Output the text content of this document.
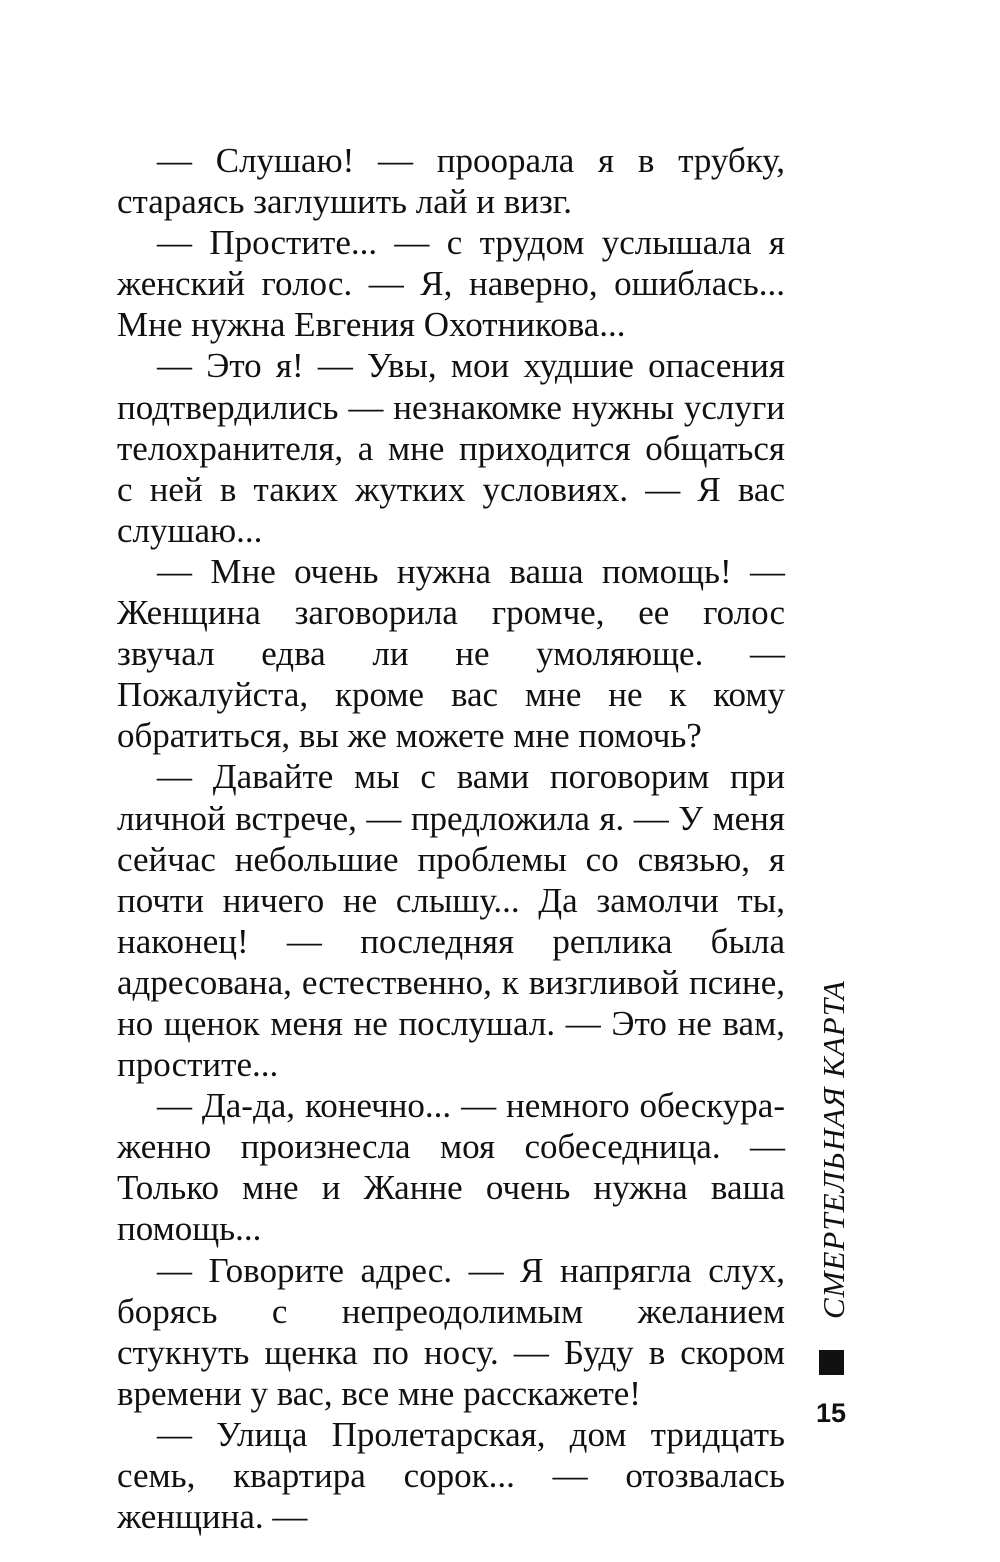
— Слушаю! — проорала я в трубку, стараясь заглушить лай и визг.

— Простите... — с трудом услышала я женский голос. — Я, наверно, ошиблась... Мне нужна Евгения Охотникова...

— Это я! — Увы, мои худшие опасения подтвердились — незнакомке нужны услуги телохранителя, а мне приходится общаться с ней в таких жутких условиях. — Я вас слушаю...

— Мне очень нужна ваша помощь! — Женщина заговорила громче, ее голос звучал едва ли не умоляюще. — Пожалуйста, кроме вас мне не к кому обратиться, вы же можете мне помочь?

— Давайте мы с вами поговорим при личной встрече, — предложила я. — У меня сейчас небольшие проблемы со связью, я почти ничего не слышу... Да замолчи ты, наконец! — последняя реплика была адресована, естественно, к визгливой псине, но щенок меня не послушал. — Это не вам, простите...

— Да-да, конечно... — немного обескураженно произнесла моя собеседница. — Только мне и Жанне очень нужна ваша помощь...

— Говорите адрес. — Я напрягла слух, борясь с непреодолимым желанием стукнуть щенка по носу. — Буду в скором времени у вас, все мне расскажете!

— Улица Пролетарская, дом тридцать семь, квартира сорок... — отозвалась женщина. —

СМЕРТЕЛЬНАЯ КАРТА
15
